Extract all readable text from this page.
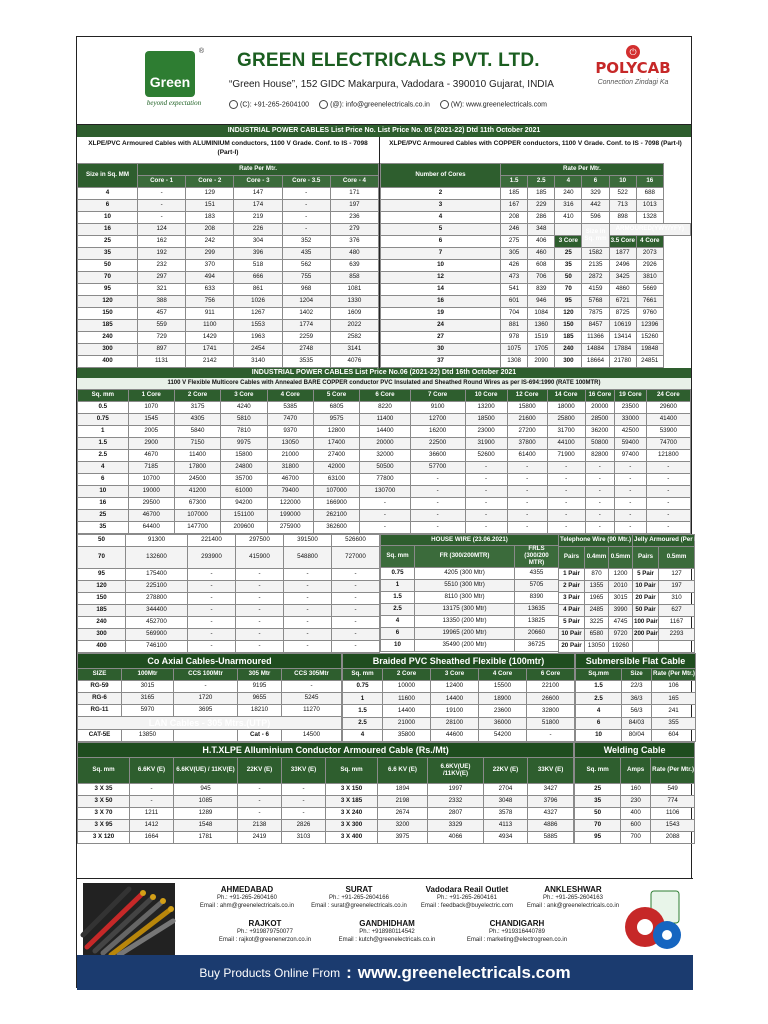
Green
®
beyond expectation
GREEN ELECTRICALS PVT. LTD.
“Green House”, 152 GIDC Makarpura, Vadodara - 390010 Gujarat, INDIA
(C): +91-265-2604100	(@): info@greenelectricals.co.in	(W): www.greenelectricals.com
⏻
POLYCAB
Connection Zindagi Ka
INDUSTRIAL POWER CABLES List Price No. List Price No. 05 (2021-22) Dtd 11th October 2021
XLPE/PVC Armoured Cables with ALUMINIUM conductors, 1100 V Grade. Conf. to IS - 7098 (Part-I)
Size in Sq. MM	Rate Per Mtr.				
	Core - 1	Core - 2	Core - 3	Core - 3.5	Core - 4
4	-	129	147	-	171
6	-	151	174	-	197
10	-	183	219	-	236
16	124	208	226	-	279
25	162	242	304	352	376
35	192	299	396	435	480
50	232	370	518	562	639
70	297	494	666	755	858
95	321	633	861	968	1081
120	388	756	1026	1204	1330
150	457	911	1267	1402	1609
185	559	1100	1553	1774	2022
240	729	1429	1963	2259	2582
300	897	1741	2454	2748	3141
400	1131	2142	3140	3535	4076
XLPE/PVC Armoured Cables with COPPER conductors, 1100 V Grade. Conf. to IS - 7098 (Part-I)
Number of Cores	Rate Per Mtr.					
	1.5	2.5	4	6	10	16
2	185	185	240	329	522	688
3	167	229	316	442	713	1013
4	208	286	410	596	898	1328
5	246	348		Size in Sq. mm	ARMOURED(YWY/YFY)	
6	275	406	3 Core		3.5 Core	4 Core
7	305	460	25	1582	1877	2073
10	426	608	35	2135	2496	2926
12	473	706	50	2872	3425	3810
14	541	839	70	4159	4860	5669
16	601	946	95	5768	6721	7661
19	704	1084	120	7875	8725	9760
24	881	1360	150	8457	10619	12396
27	978	1519	185	11366	13414	15260
30	1075	1705	240	14884	17884	19848
37	1308	2090	300	18664	21780	24851
INDUSTRIAL POWER CABLES List Price No.06 (2021-22) Dtd 16th October 2021
1100 V Flexible Multicore Cables with Annealed BARE COPPER conductor PVC Insulated and Sheathed Round Wires as per IS-694:1990 (RATE 100MTR)
Sq. mm	1 Core	2 Core	3 Core	4 Core	5 Core	6 Core	7 Core	10 Core	12 Core	14 Core	16 Core	19 Core	24 Core
0.5	1070	3175	4240	5385	6805	8220	9100	13200	15800	18000	20000	23500	29600
0.75	1545	4305	5810	7470	9575	11400	12700	18500	21600	25800	28500	33000	41400
1	2005	5840	7810	9370	12800	14400	16200	23000	27200	31700	36200	42500	53900
1.5	2900	7150	9975	13050	17400	20000	22500	31900	37800	44100	50800	59400	74700
2.5	4670	11400	15800	21000	27400	32000	36600	52600	61400	71900	82800	97400	121800
4	7185	17800	24800	31800	42000	50500	57700	-	-	-	-	-	-
6	10700	24500	35700	46700	63100	77800	-	-	-	-	-	-	-
10	19000	41200	61000	79400	107000	130700	-	-	-	-	-	-	-
16	29500	67300	94200	122000	166900	-	-	-	-	-	-	-	-
25	46700	107000	151100	199000	262100	-	-	-	-	-	-	-	-
35	64400	147700	209600	275900	362600	-	-	-	-	-	-	-	-
50	91300	221400	297500	391500	526600
70	132600	293900	415900	548800	727000
95	175400	-	-	-	-
120	225100	-	-	-	-
150	278800	-	-	-	-
185	344400	-	-	-	-
240	452700	-	-	-	-
300	569900	-	-	-	-
400	746100	-	-	-	-
HOUSE WIRE (23.06.2021)		
Sq. mm	FR (300/200MTR)	FRLS (300/200 MTR)
0.75	4205 (300 Mtr)	4355
1	5510 (300 Mtr)	5705
1.5	8110 (300 Mtr)	8390
2.5	13175 (300 Mtr)	13635
4	13350 (200 Mtr)	13825
6	19965 (200 Mtr)	20660
10	35490 (200 Mtr)	36725
Telephone Wire (90 Mtr.)			Jelly Armoured (Per Mtr.)	
Pairs	0.4mm	0.5mm	Pairs	0.5mm
1 Pair	870	1200	5 Pair	127
2 Pair	1355	2010	10 Pair	197
3 Pair	1965	3015	20 Pair	310
4 Pair	2485	3990	50 Pair	627
5 Pair	3225	4745	100 Pair	1167
10 Pair	6580	9720	200 Pair	2293
20 Pair	13050	19260		
Co Axial Cables-Unarmoured				
SIZE	100Mtr	CCS 100Mtr	305 Mtr	CCS 305Mtr
RG-59	3015	-	9195	-
RG-6	3165	1720	9655	5245
RG-11	5970	3695	18210	11270
LAN Cables - 305 Mtrs.(UTP)				
CAT-5E	13850		Cat - 6	14500
Braided PVC Sheathed Flexible (100mtr)				
Sq. mm	2 Core	3 Core	4 Core	6 Core
0.75	10000	12400	15500	22100
1	11600	14400	18900	26600
1.5	14400	19100	23600	32800
2.5	21000	28100	36000	51800
4	35800	44600	54200	-
Submersible Flat Cable		
Sq.mm	Size	Rate (Per Mtr.)
1.5	22/3	106
2.5	36/3	165
4	56/3	241
6	84/03	355
10	80/04	604
H.T.XLPE Alluminium Conductor Armoured Cable (Rs./Mt)									
Sq. mm	6.6KV (E)	6.6KV(UE) / 11KV(E)	22KV (E)	33KV (E)	Sq. mm	6.6 KV (E)	6.6KV(UE) /11KV(E)	22KV (E)	33KV (E)
3 X 35	-	945	-	-	3 X 150	1894	1997	2704	3427
3 X 50	-	1085	-	-	3 X 185	2198	2332	3048	3796
3 X 70	1211	1289	-	-	3 X 240	2674	2807	3578	4327
3 X 95	1412	1548	2138	2826	3 X 300	3200	3329	4113	4886
3 X 120	1664	1781	2419	3103	3 X 400	3975	4066	4934	5885
Welding Cable		
Sq. mm	Amps	Rate (Per Mtr.)
25	160	549
35	230	774
50	400	1106
70	600	1543
95	700	2088
AHMEDABAD
Ph.: +91-265-2604160
Email : ahm@greenelectricals.co.in
SURAT
Ph.: +91-265-2604166
Email : surat@greenelectricals.co.in
Vadodara Reail Outlet
Ph.: +91-265-2604161
Email : feedback@buyelectric.com
ANKLESHWAR
Ph.: +91-265-2604163
Email : ank@greenelectricals.co.in
RAJKOT
Ph.: +919879750077
Email : rajkot@greenenerzon.co.in
GANDHIDHAM
Ph.: +918980114542
Email : kutch@greenelectricals.co.in
CHANDIGARH
Ph.: +919316440789
Email : marketing@electrogreen.co.in
Buy Products Online From : www.greenelectricals.com
